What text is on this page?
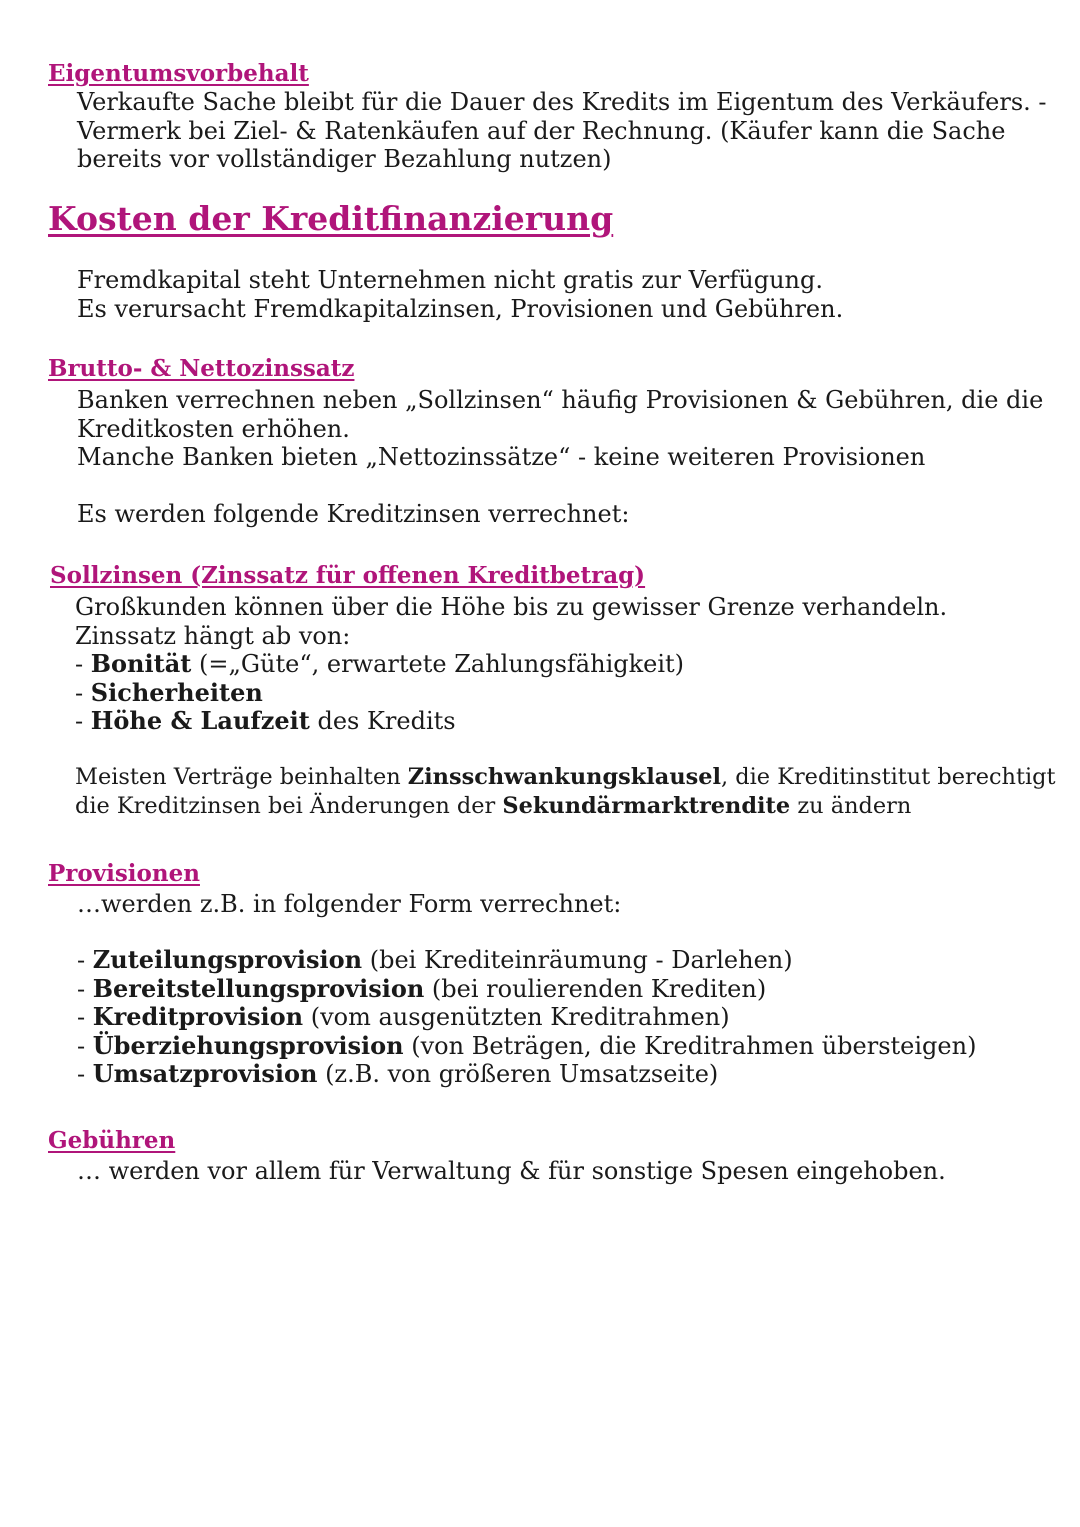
Eigentumsvorbehalt
Verkaufte Sache bleibt für die Dauer des Kredits im Eigentum des Verkäufers. -
Vermerk bei Ziel- & Ratenkäufen auf der Rechnung. (Käufer kann die Sache
bereits vor vollständiger Bezahlung nutzen)
Kosten der Kreditfinanzierung
Fremdkapital steht Unternehmen nicht gratis zur Verfügung.
Es verursacht Fremdkapitalzinsen, Provisionen und Gebühren.
Brutto- & Nettozinssatz
Banken verrechnen neben „Sollzinsen“ häufig Provisionen & Gebühren, die die
Kreditkosten erhöhen.
Manche Banken bieten „Nettozinssätze“ - keine weiteren Provisionen
Es werden folgende Kreditzinsen verrechnet:
Sollzinsen (Zinssatz für offenen Kreditbetrag)
Großkunden können über die Höhe bis zu gewisser Grenze verhandeln.
Zinssatz hängt ab von:
- Bonität (=„Güte“, erwartete Zahlungsfähigkeit)
- Sicherheiten
- Höhe & Laufzeit des Kredits
Meisten Verträge beinhalten Zinsschwankungsklausel, die Kreditinstitut berechtigt
die Kreditzinsen bei Änderungen der Sekundärmarktrendite zu ändern
Provisionen
…werden z.B. in folgender Form verrechnet:
- Zuteilungsprovision (bei Krediteinräumung - Darlehen)
- Bereitstellungsprovision (bei roulierenden Krediten)
- Kreditprovision (vom ausgenützten Kreditrahmen)
- Überziehungsprovision (von Beträgen, die Kreditrahmen übersteigen)
- Umsatzprovision (z.B. von größeren Umsatzseite)
Gebühren
… werden vor allem für Verwaltung & für sonstige Spesen eingehoben.
